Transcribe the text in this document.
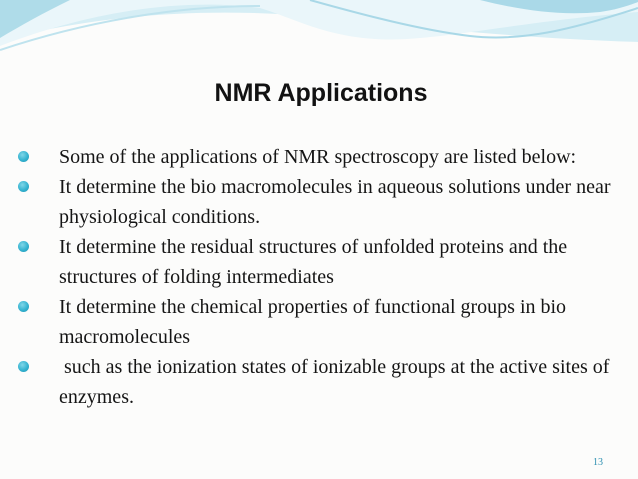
NMR Applications
Some of the applications of NMR spectroscopy are listed below:
It determine the bio macromolecules in aqueous solutions under near physiological conditions.
It determine the residual structures of unfolded proteins and the structures of folding intermediates
It determine the chemical properties of functional groups in bio macromolecules
such as the ionization states of ionizable groups at the active sites of enzymes.
13
